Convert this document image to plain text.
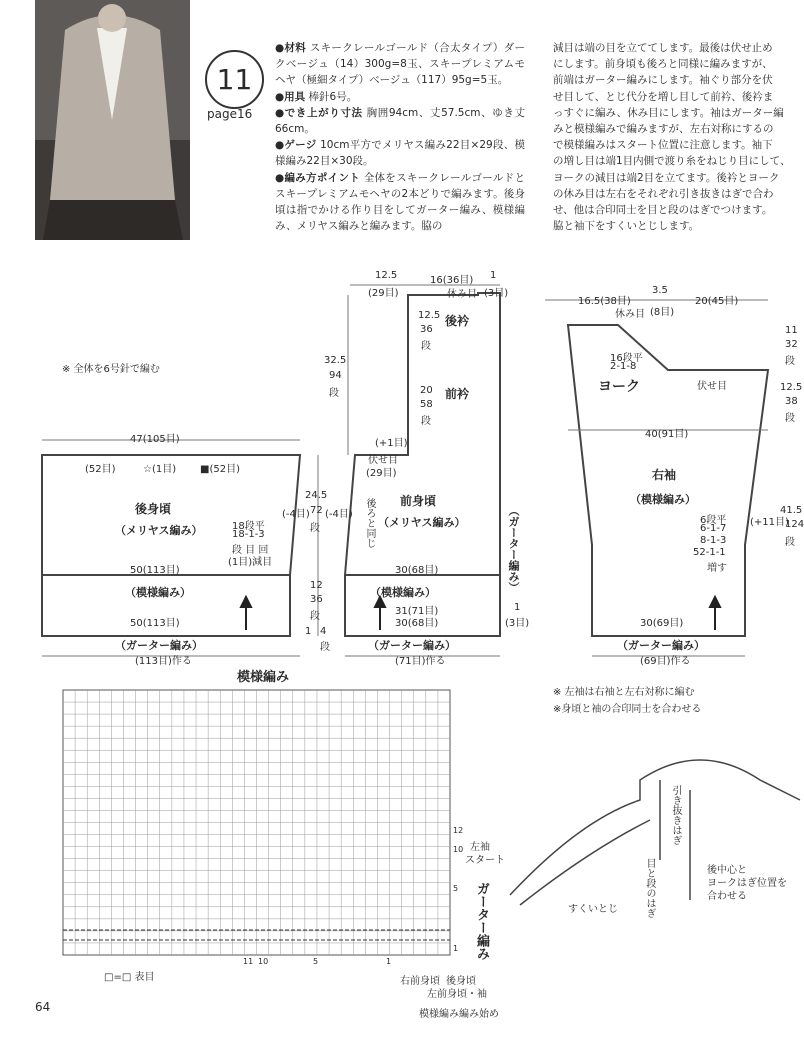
11
page16

●材料 スキークレールゴールド（合太タイプ）ダークベージュ（14）300g=8玉、スキープレミアムモヘヤ（極細タイプ）ベージュ（117）95g=5玉。

●用具 棒針6号。

●でき上がり寸法 胸囲94cm、丈57.5cm、ゆき丈66cm。

●ゲージ 10cm平方でメリヤス編み22目×29段、模様編み22目×30段。

●編み方ポイント 全体をスキークレールゴールドとスキープレミアムモヘヤの2本どりで編みます。後身頃は指でかける作り目をしてガーター編み、模様編み、メリヤス編みと編みます。脇の

減目は端の目を立ててします。最後は伏せ止め

にします。前身頃も後ろと同様に編みますが、

前端はガーター編みにします。袖ぐり部分を伏

せ目して、とじ代分を増し目して前衿、後衿ま

っすぐに編み、休み目にします。袖はガーター編

みと模様編みで編みますが、左右対称にするの

で模様編みはスタート位置に注意します。袖下

の増し目は端1目内側で渡り糸をねじり目にして、

ヨークの減目は端2目を立てます。後衿とヨーク

の休み目は左右をそれぞれ引き抜きはぎで合わ

せ、他は合印同士を目と段のはぎでつけます。

脇と袖下をすくいとじします。

47(105目)
(52目)	☆(1目) ■(52目)
後身頃
（メリヤス編み）	18段平
18-1-3
段 目 回
(1目)減目
50(113目)
（模様編み）
50(113目)
（ガーター編み）
(113目)作る
24.5
72
段
(-4目)
12
36
段
1 4
段
12.5
(29目)
16(36目)
休み目
1
(3目)
32.5
94
段
後衿
12.5
36
段
前衿
20
58
段
(+1目)
伏せ目
(29目)
(-4目) 後ろと同じ 前身頃
（メリヤス編み）	（ガーター編み）
30(68目)
（模様編み）
31(71目)
30(68目)
1
(3目)
（ガーター編み）
(71目)作る
16.5(38目)
3.5
20(45目)
休み目 (8目)
16段平
2-1-8
ヨーク	伏せ目
40(91目)
右袖
（模様編み）
6段平
6-1-7
8-1-3
52-1-1
増す
(+11目)
30(69目)
（ガーター編み）
(69目)作る
11
32
段
12.5
38
段
41.5
124
段
※ 全体を6号針で編む
※ 左袖は右袖と左右対称に編む
※身頃と袖の合印同士を合わせる
模様編み
12
10
5
1
11 10	5	1
左袖
スタート
ガーター編み
□=□ 表目	右前身頃 後身頃
左前身頃・袖
模様編み編み始め
引き抜きはぎ
後中心と
ヨークはぎ位置を
合わせる
目と段のはぎ
すくいとじ
64
